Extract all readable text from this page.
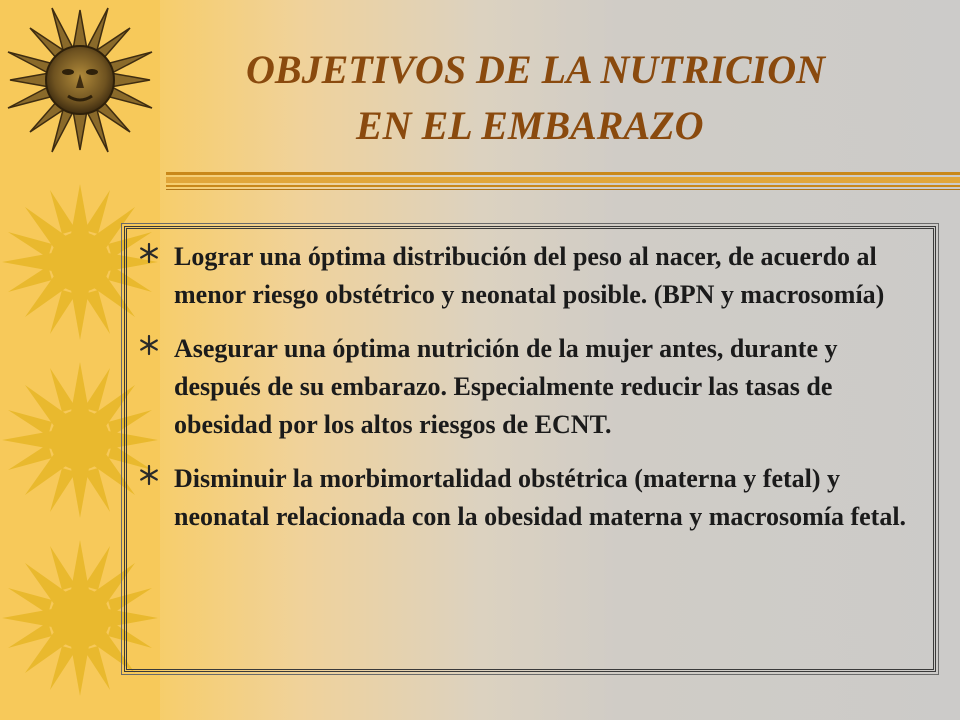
OBJETIVOS DE LA NUTRICION
EN EL EMBARAZO
Lograr una óptima distribución del peso al nacer, de acuerdo al menor riesgo obstétrico y neonatal posible. (BPN y macrosomía)
Asegurar una óptima nutrición de la mujer antes, durante y después de su embarazo. Especialmente reducir las tasas de obesidad por los altos riesgos de ECNT.
Disminuir la morbimortalidad obstétrica (materna y fetal) y neonatal relacionada con la obesidad materna y macrosomía fetal.
